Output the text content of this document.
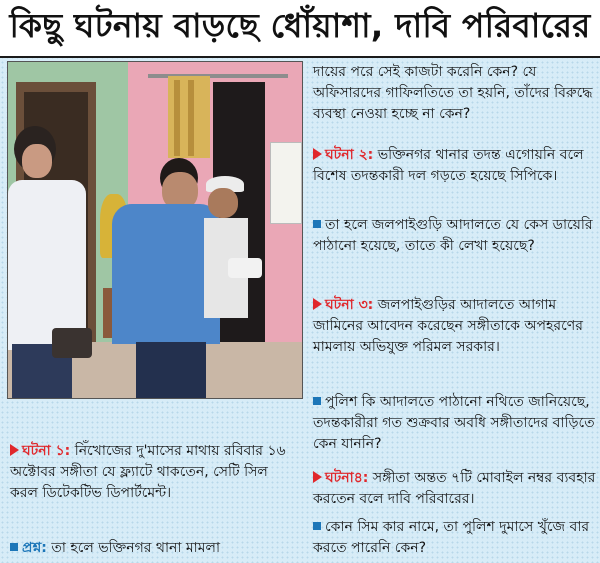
কিছু ঘটনায় বাড়ছে ধোঁয়াশা, দাবি পরিবারের

দায়ের পরে সেই কাজটা করেনি কেন? যে অফিসারদের গাফিলতিতে তা হয়নি, তাঁদের বিরুদ্ধে ব্যবস্থা নেওয়া হচ্ছে না কেন?

ঘটনা ২: ভক্তিনগর থানার তদন্ত এগোয়নি বলে বিশেষ তদন্তকারী দল গড়তে হয়েছে সিপিকে।

তা হলে জলপাইগুড়ি আদালতে যে কেস ডায়েরি পাঠানো হয়েছে, তাতে কী লেখা হয়েছে?

ঘটনা ৩: জলপাইগুড়ির আদালতে আগাম জামিনের আবেদন করেছেন সঙ্গীতাকে অপহরণের মামলায় অভিযুক্ত পরিমল সরকার।

পুলিশ কি আদালতে পাঠানো নথিতে জানিয়েছে, তদন্তকারীরা গত শুক্রবার অবধি সঙ্গীতাদের বাড়িতে কেন যাননি?

ঘটনা৪: সঙ্গীতা অন্তত ৭টি মোবাইল নম্বর ব্যবহার করতেন বলে দাবি পরিবারের।

কোন সিম কার নামে, তা পুলিশ দুমাসে খুঁজে বার করতে পারেনি কেন?

ঘটনা ১: নিঁখোজের দু'মাসের মাথায় রবিবার ১৬ অক্টোবর সঙ্গীতা যে ফ্ল্যাটে থাকতেন, সেটি সিল করল ডিটেকটিভ ডিপার্টমেন্ট।

প্রশ্ন: তা হলে ভক্তিনগর থানা মামলা
